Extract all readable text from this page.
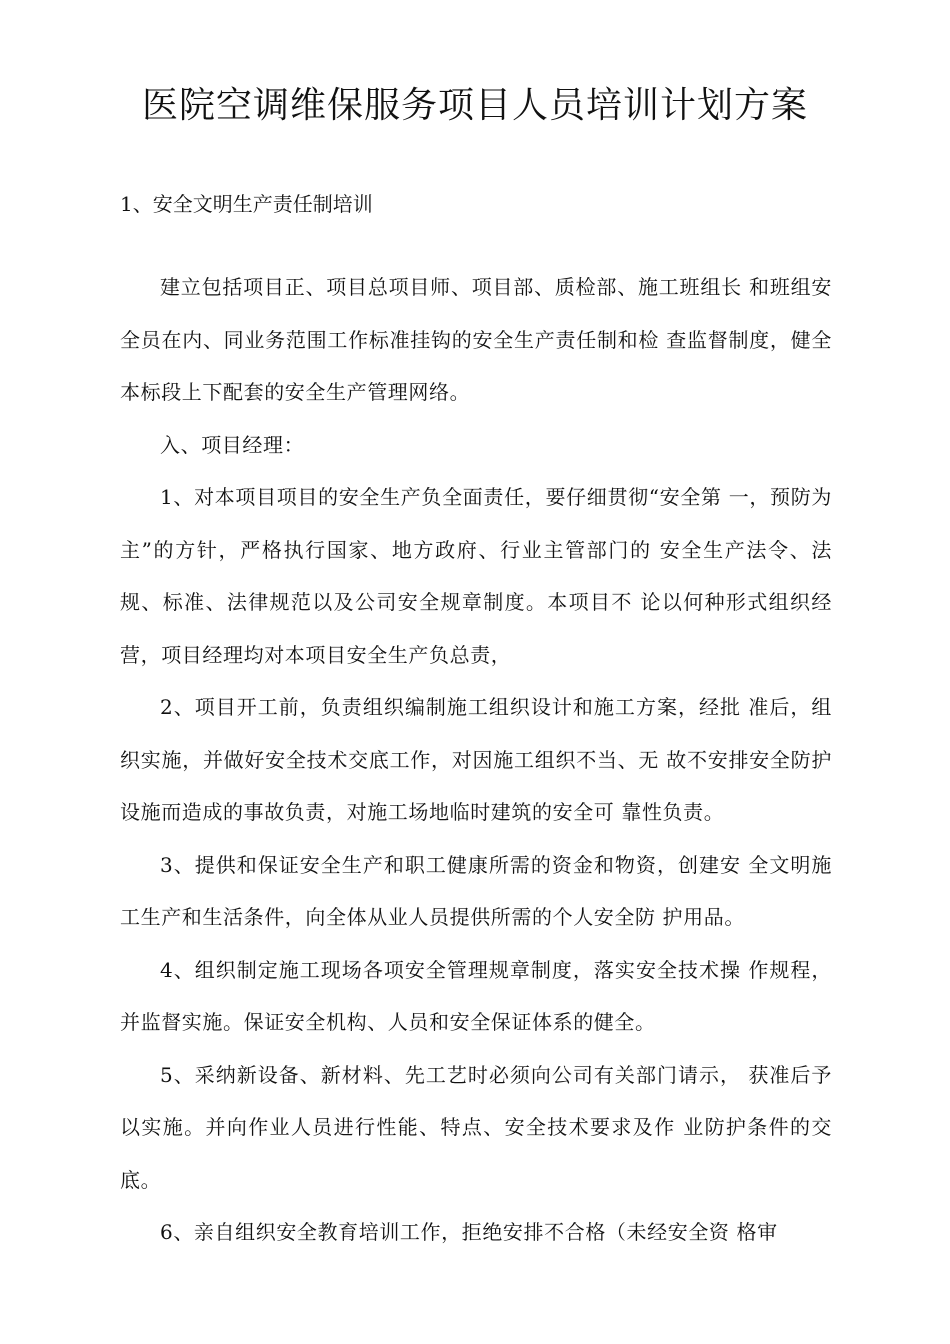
医院空调维保服务项目人员培训计划方案
1、安全文明生产责任制培训

建立包括项目正、项目总项目师、项目部、质检部、施工班组长 和班组安全员在内、同业务范围工作标准挂钩的安全生产责任制和检 查监督制度，健全本标段上下配套的安全生产管理网络。

入、项目经理：

1、对本项目项目的安全生产负全面责任，要仔细贯彻“安全第 一，预防为主”的方针，严格执行国家、地方政府、行业主管部门的 安全生产法令、法规、标准、法律规范以及公司安全规章制度。本项目不 论以何种形式组织经营，项目经理均对本项目安全生产负总责，

2、项目开工前，负责组织编制施工组织设计和施工方案，经批 准后，组织实施，并做好安全技术交底工作，对因施工组织不当、无 故不安排安全防护设施而造成的事故负责，对施工场地临时建筑的安全可 靠性负责。

3、提供和保证安全生产和职工健康所需的资金和物资，创建安 全文明施工生产和生活条件，向全体从业人员提供所需的个人安全防 护用品。

4、组织制定施工现场各项安全管理规章制度，落实安全技术操 作规程，并监督实施。保证安全机构、人员和安全保证体系的健全。

5、采纳新设备、新材料、先工艺时必须向公司有关部门请示， 获准后予以实施。并向作业人员进行性能、特点、安全技术要求及作 业防护条件的交底。

6、亲自组织安全教育培训工作，拒绝安排不合格（未经安全资 格审
